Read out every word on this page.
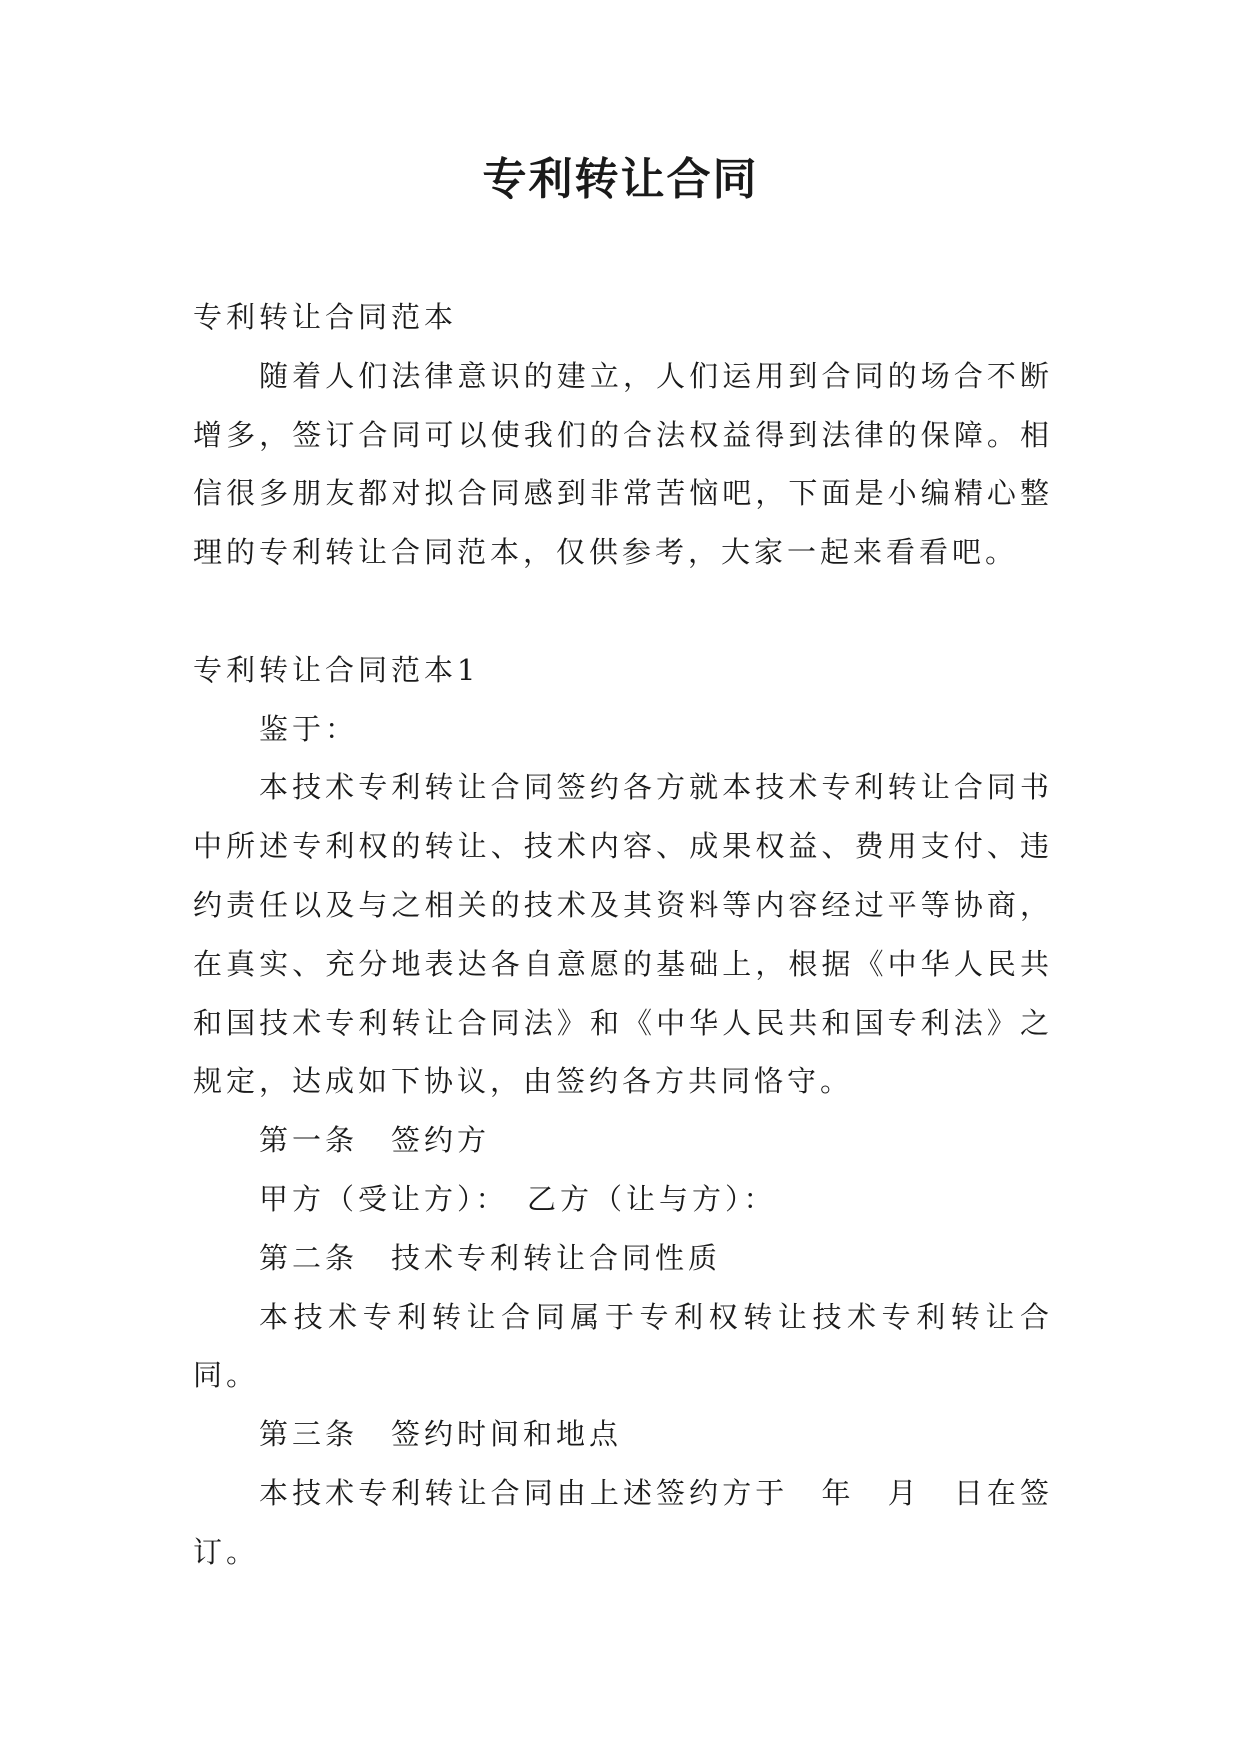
专利转让合同

专利转让合同范本

随着人们法律意识的建立，人们运用到合同的场合不断增多，签订合同可以使我们的合法权益得到法律的保障。相信很多朋友都对拟合同感到非常苦恼吧，下面是小编精心整理的专利转让合同范本，仅供参考，大家一起来看看吧。

专利转让合同范本1

鉴于：

本技术专利转让合同签约各方就本技术专利转让合同书中所述专利权的转让、技术内容、成果权益、费用支付、违约责任以及与之相关的技术及其资料等内容经过平等协商，在真实、充分地表达各自意愿的基础上，根据《中华人民共和国技术专利转让合同法》和《中华人民共和国专利法》之规定，达成如下协议，由签约各方共同恪守。

第一条　签约方

甲方（受让方）：　乙方（让与方）：

第二条　技术专利转让合同性质

本技术专利转让合同属于专利权转让技术专利转让合同。

第三条　签约时间和地点

本技术专利转让合同由上述签约方于　年　月　日在签订。
